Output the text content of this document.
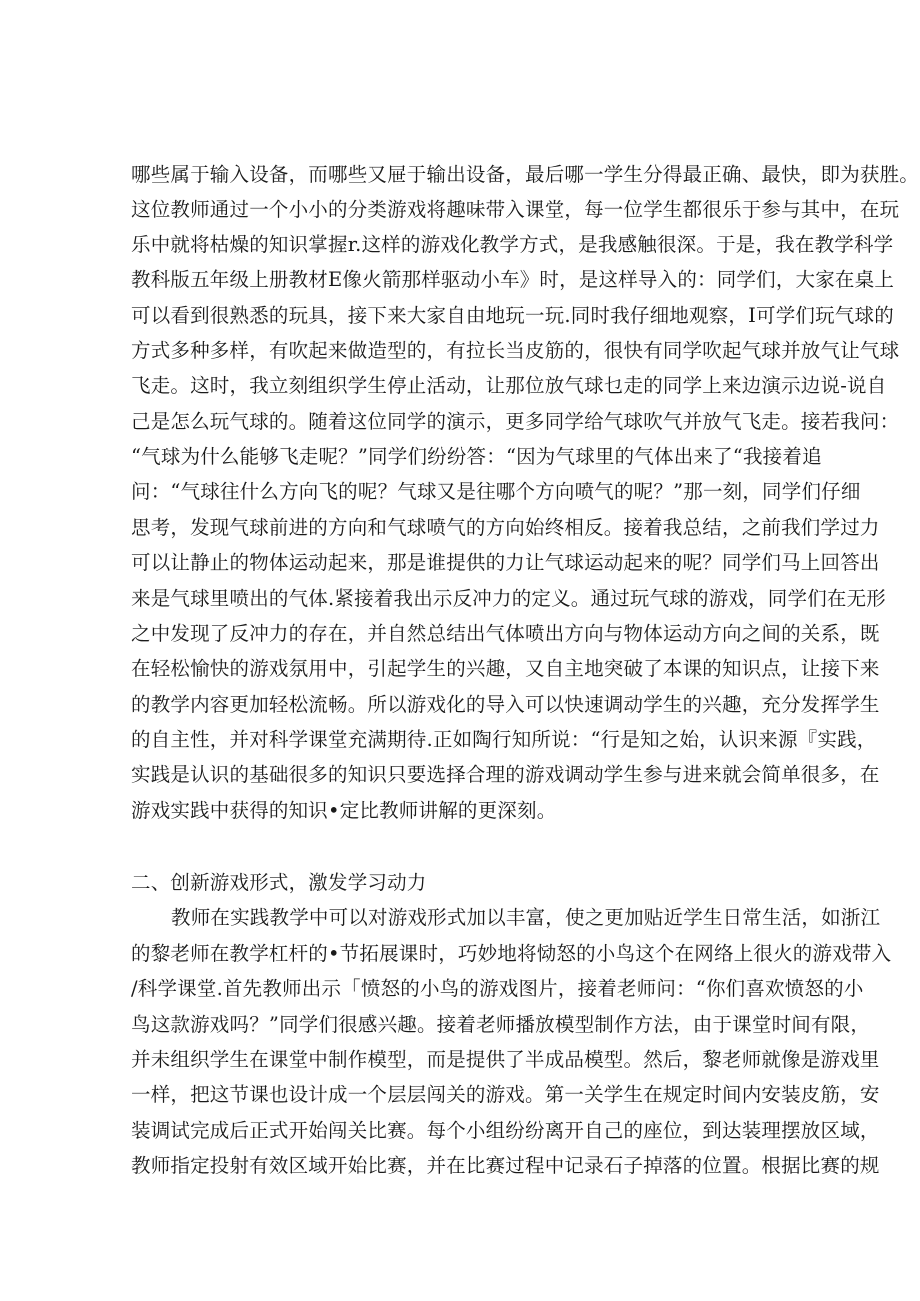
哪些属于输入设备，而哪些又屉于输出设备，最后哪一学生分得最正确、最快，即为获胜。
这位教师通过一个小小的分类游戏将趣味带入课堂，每一位学生都很乐于参与其中，在玩
乐中就将枯燥的知识掌握r.这样的游戏化教学方式，是我感触很深。于是，我在教学科学
教科版五年级上册教材E像火箭那样驱动小车》时，是这样导入的：同学们，大家在桌上
可以看到很熟悉的玩具，接下来大家自由地玩一玩.同时我仔细地观察，I可学们玩气球的
方式多种多样，有吹起来做造型的，有拉长当皮筋的，很快有同学吹起气球并放气让气球
飞走。这时，我立刻组织学生停止活动，让那位放气球乜走的同学上来边演示边说-说自
己是怎么玩气球的。随着这位同学的演示，更多同学给气球吹气并放气飞走。接若我问：
“气球为什么能够飞走呢？”同学们纷纷答：“因为气球里的气体出来了“我接着追
问：“气球往什么方向飞的呢？气球又是往哪个方向喷气的呢？”那一刻，同学们仔细
思考，发现气球前进的方向和气球喷气的方向始终相反。接着我总结，之前我们学过力
可以让静止的物体运动起来，那是谁提供的力让气球运动起来的呢？同学们马上回答出
来是气球里喷出的气体.紧接着我出示反冲力的定义。通过玩气球的游戏，同学们在无形
之中发现了反冲力的存在，并自然总结出气体喷出方向与物体运动方向之间的关系，既
在轻松愉快的游戏氛用中，引起学生的兴趣，又自主地突破了本课的知识点，让接下来
的教学内容更加轻松流畅。所以游戏化的导入可以快速调动学生的兴趣，充分发挥学生
的自主性，并对科学课堂充满期待.正如陶行知所说：“行是知之始，认识来源『实践，
实践是认识的基础很多的知识只要选择合理的游戏调动学生参与进来就会简单很多，在
游戏实践中获得的知识•定比教师讲解的更深刻。
二、创新游戏形式，激发学习动力
教师在实践教学中可以对游戏形式加以丰富，使之更加贴近学生日常生活，如浙江
的黎老师在教学杠杆的•节拓展课时，巧妙地将恸怒的小鸟这个在网络上很火的游戏带入
/科学课堂.首先教师出示「愤怒的小鸟的游戏图片，接着老师问：“你们喜欢愤怒的小
鸟这款游戏吗？”同学们很感兴趣。接着老师播放模型制作方法，由于课堂时间有限，
并未组织学生在课堂中制作模型，而是提供了半成品模型。然后，黎老师就像是游戏里
一样，把这节课也设计成一个层层闯关的游戏。第一关学生在规定时间内安装皮筋，安
装调试完成后正式开始闯关比赛。每个小组纷纷离开自己的座位，到达装理摆放区域，
教师指定投射有效区域开始比赛，并在比赛过程中记录石子掉落的位置。根据比赛的规
